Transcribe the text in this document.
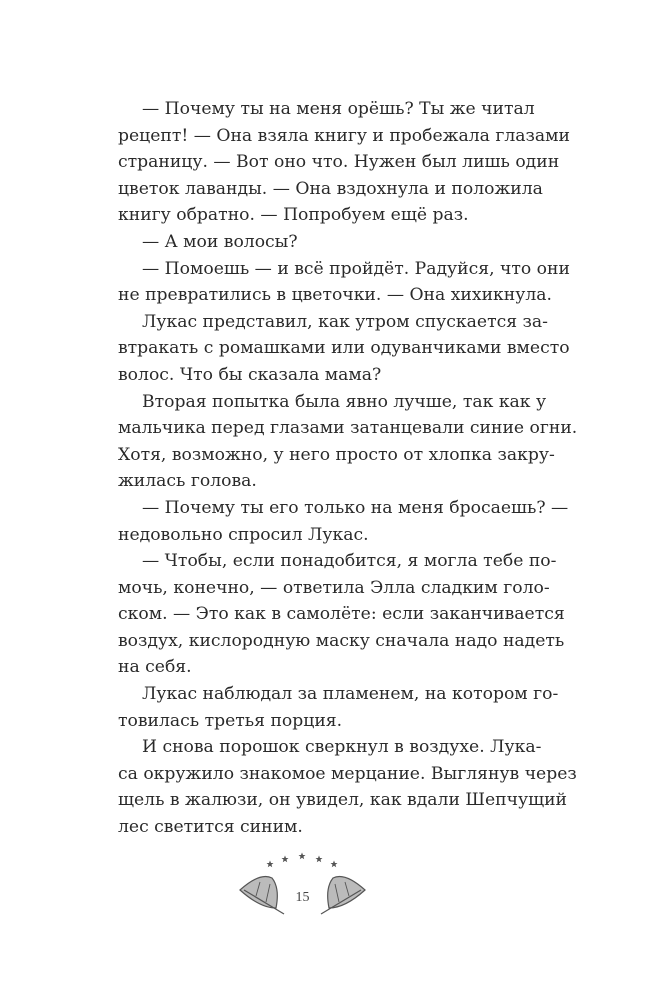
— Почему ты на меня орёшь? Ты же читал
рецепт! — Она взяла книгу и пробежала глазами
страницу. — Вот оно что. Нужен был лишь один
цветок лаванды. — Она вздохнула и положила
книгу обратно. — Попробуем ещё раз.
— А мои волосы?
— Помоешь — и всё пройдёт. Радуйся, что они
не превратились в цветочки. — Она хихикнула.
Лукас представил, как утром спускается за-
втракать с ромашками или одуванчиками вместо
волос. Что бы сказала мама?
Вторая попытка была явно лучше, так как у
мальчика перед глазами затанцевали синие огни.
Хотя, возможно, у него просто от хлопка закру-
жилась голова.
— Почему ты его только на меня бросаешь? —
недовольно спросил Лукас.
— Чтобы, если понадобится, я могла тебе по-
мочь, конечно, — ответила Элла сладким голо-
ском. — Это как в самолёте: если заканчивается
воздух, кислородную маску сначала надо надеть
на себя.
Лукас наблюдал за пламенем, на котором го-
товилась третья порция.
И снова порошок сверкнул в воздухе. Лука-
са окружило знакомое мерцание. Выглянув через
щель в жалюзи, он увидел, как вдали Шепчущий
лес светится синим.
15
